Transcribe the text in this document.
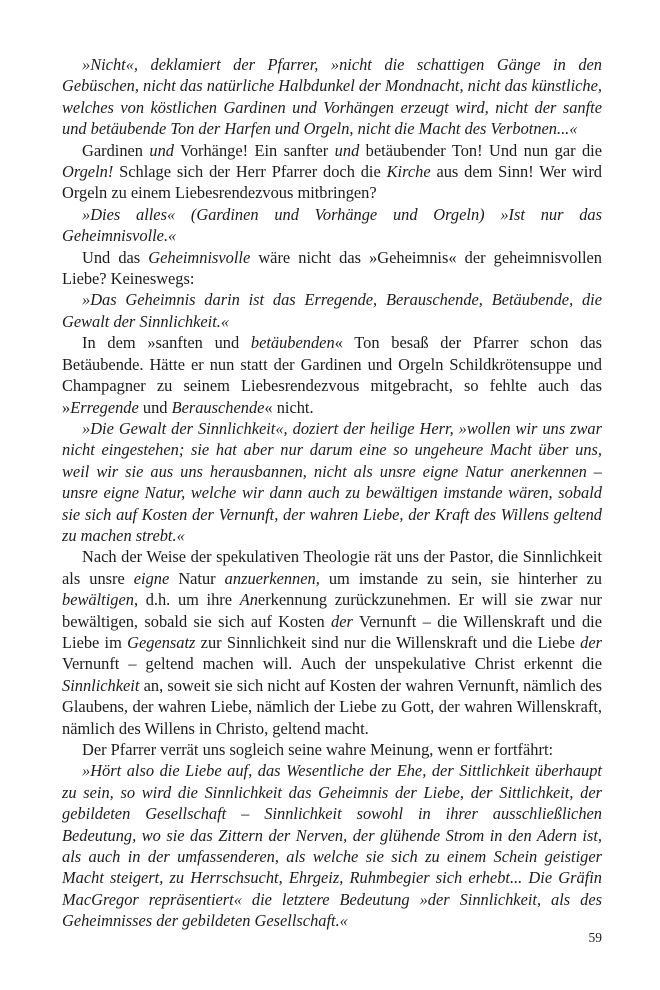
»Nicht«, deklamiert der Pfarrer, »nicht die schattigen Gänge in den Gebüschen, nicht das natürliche Halbdunkel der Mondnacht, nicht das künstliche, welches von köstlichen Gardinen und Vorhängen erzeugt wird, nicht der sanfte und betäubende Ton der Harfen und Orgeln, nicht die Macht des Verbotnen...«

Gardinen und Vorhänge! Ein sanfter und betäubender Ton! Und nun gar die Orgeln! Schlage sich der Herr Pfarrer doch die Kirche aus dem Sinn! Wer wird Orgeln zu einem Liebesrendezvous mitbringen?

»Dies alles« (Gardinen und Vorhänge und Orgeln) »Ist nur das Geheimnisvolle.«

Und das Geheimnisvolle wäre nicht das »Geheimnis« der geheimnisvollen Liebe? Keineswegs:

»Das Geheimnis darin ist das Erregende, Berauschende, Betäubende, die Gewalt der Sinnlichkeit.«

In dem »sanften und betäubenden« Ton besaß der Pfarrer schon das Betäubende. Hätte er nun statt der Gardinen und Orgeln Schildkrötensuppe und Champagner zu seinem Liebesrendezvous mitgebracht, so fehlte auch das »Erregende und Berauschende« nicht.

»Die Gewalt der Sinnlichkeit«, doziert der heilige Herr, »wollen wir uns zwar nicht eingestehen; sie hat aber nur darum eine so ungeheure Macht über uns, weil wir sie aus uns herausbannen, nicht als unsre eigne Natur anerkennen – unsre eigne Natur, welche wir dann auch zu bewältigen imstande wären, sobald sie sich auf Kosten der Vernunft, der wahren Liebe, der Kraft des Willens geltend zu machen strebt.«

Nach der Weise der spekulativen Theologie rät uns der Pastor, die Sinnlichkeit als unsre eigne Natur anzuerkennen, um imstande zu sein, sie hinterher zu bewältigen, d.h. um ihre Anerkennung zurückzunehmen. Er will sie zwar nur bewältigen, sobald sie sich auf Kosten der Vernunft – die Willenskraft und die Liebe im Gegensatz zur Sinnlichkeit sind nur die Willenskraft und die Liebe der Vernunft – geltend machen will. Auch der unspekulative Christ erkennt die Sinnlichkeit an, soweit sie sich nicht auf Kosten der wahren Vernunft, nämlich des Glaubens, der wahren Liebe, nämlich der Liebe zu Gott, der wahren Willenskraft, nämlich des Willens in Christo, geltend macht.

Der Pfarrer verrät uns sogleich seine wahre Meinung, wenn er fortfährt:

»Hört also die Liebe auf, das Wesentliche der Ehe, der Sittlichkeit überhaupt zu sein, so wird die Sinnlichkeit das Geheimnis der Liebe, der Sittlichkeit, der gebildeten Gesellschaft – Sinnlichkeit sowohl in ihrer ausschließlichen Bedeutung, wo sie das Zittern der Nerven, der glühende Strom in den Adern ist, als auch in der umfassenderen, als welche sie sich zu einem Schein geistiger Macht steigert, zu Herrschsucht, Ehrgeiz, Ruhmbegier sich erhebt... Die Gräfin MacGregor repräsentiert« die letztere Bedeutung »der Sinnlichkeit, als des Geheimnisses der gebildeten Gesellschaft.«

59
